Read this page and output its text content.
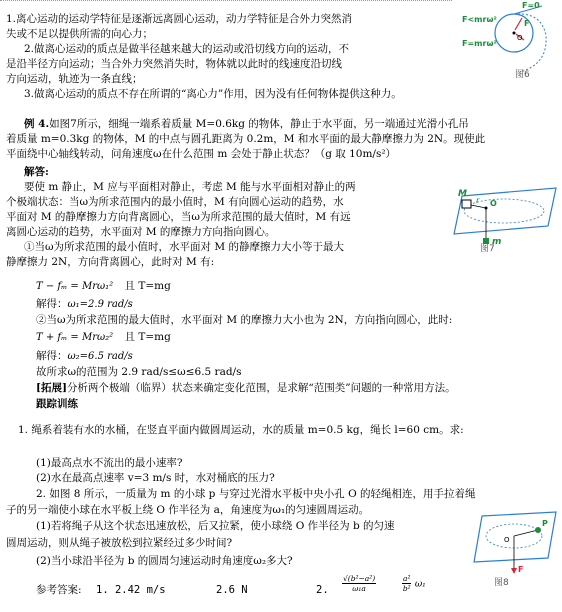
1.离心运动的运动学特征是逐渐远离圆心运动，动力学特征是合外力突然消

失或不足以提供所需的向心力；

2.做离心运动的质点是做半径越来越大的运动或沿切线方向的运动，不

是沿半径方向运动；当合外力突然消失时，物体就以此时的线速度沿切线

方向运动，轨迹为一条直线；

3.做离心运动的质点不存在所谓的“离心力”作用，因为没有任何物体提供这种力。

F=0
F<mrω²	F
F=mrω²
O
图6

例 4.如图7所示，细绳一端系着质量 M=0.6kg 的物体，静止于水平面，另一端通过光滑小孔吊

着质量 m=0.3kg 的物体，M 的中点与圆孔距离为 0.2m，M 和水平面的最大静摩擦力为 2N。现使此

平面绕中心轴线转动，问角速度ω在什么范围 m 会处于静止状态？（g 取 10m/s²）

解答:

要使 m 静止，M 应与平面相对静止，考虑 M 能与水平面相对静止的两

个极端状态：当ω为所求范围内的最小值时，M 有向圆心运动的趋势，水

平面对 M 的静摩擦力方向背离圆心，当ω为所求范围的最大值时，M 有远

离圆心运动的趋势，水平面对 M 的摩擦力方向指向圆心。

①当ω为所求范围的最小值时，水平面对 M 的静摩擦力大小等于最大

静摩擦力 2N，方向背离圆心，此时对 M 有:

M
r O
m
图7
T − fₘ = Mrω₁² 且 T=mg
解得：ω₁=2.9 rad/s
②当ω为所求范围的最大值时，水平面对 M 的摩擦力大小也为 2N，方向指向圆心，此时:
T + fₘ = Mrω₂² 且 T=mg
解得：ω₂=6.5 rad/s
故所求ω的范围为 2.9 rad/s≤ω≤6.5 rad/s
[拓展]分析两个极端（临界）状态来确定变化范围，是求解“范围类”问题的一种常用方法。
跟踪训练
1. 绳系着装有水的水桶，在竖直平面内做圆周运动，水的质量 m=0.5 kg，绳长 l=60 cm。求:
(1)最高点水不流出的最小速率?
(2)水在最高点速率 v=3 m/s 时，水对桶底的压力?
2. 如图 8 所示，一质量为 m 的小球 p 与穿过光滑水平板中央小孔 O 的轻绳相连，用手拉着绳
子的另一端使小球在水平板上绕 O 作半径为 a，角速度为ω₁的匀速圆周运动。
(1)若将绳子从这个状态迅速放松，后又拉紧，使小球绕 O 作半径为 b 的匀速
圆周运动，则从绳子被放松到拉紧经过多少时间?
(2)当小球沿半径为 b 的圆周匀速运动时角速度ω₂多大?
P
O
F
图8
参考答案: 1. 2.42 m/s	2.6 N	2. $\frac{\text{√(b²−a²)}}{\text{ω₁a}}$	$\frac{\text{a²}}{\text{b²}} \omega_1$
